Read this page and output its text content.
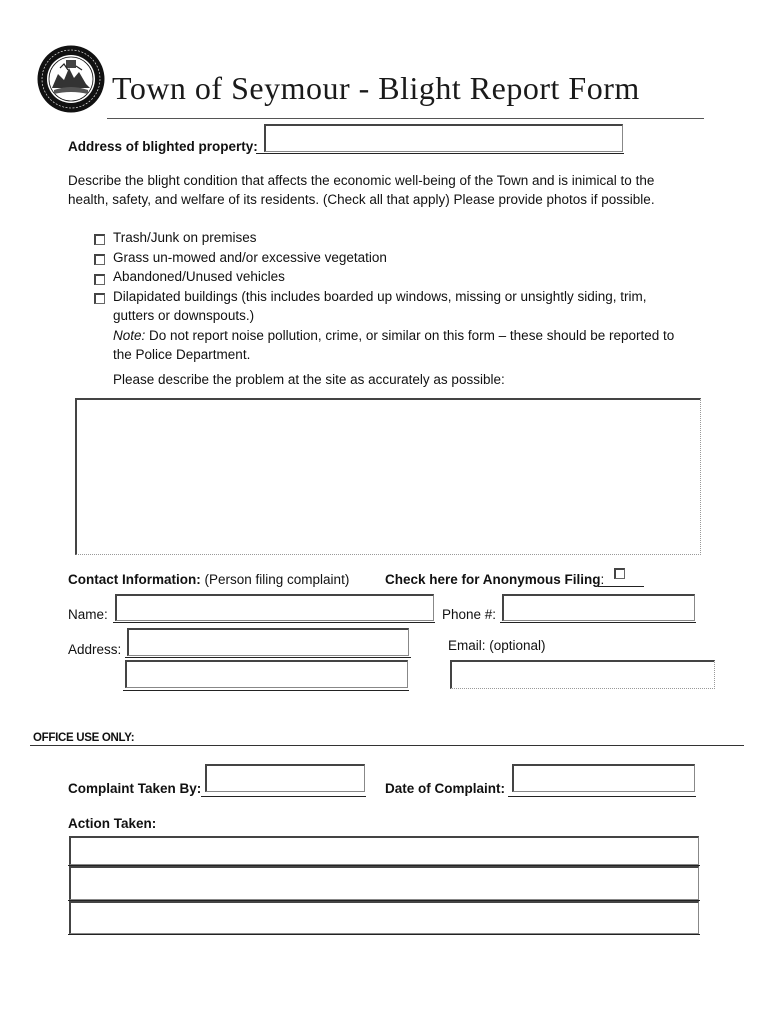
Town of Seymour - Blight Report Form
Address of blighted property:
Describe the blight condition that affects the economic well-being of the Town and is inimical to the
health, safety, and welfare of its residents. (Check all that apply) Please provide photos if possible.
Trash/Junk on premises
Grass un-mowed and/or excessive vegetation
Abandoned/Unused vehicles
Dilapidated buildings (this includes boarded up windows, missing or unsightly siding, trim,
gutters or downspouts.)
Note: Do not report noise pollution, crime, or similar on this form – these should be reported to
the Police Department.
Please describe the problem at the site as accurately as possible:
Contact Information: (Person filing complaint)	Check here for Anonymous Filing:
Name:	Phone #:
Address:	Email: (optional)
OFFICE USE ONLY:
Complaint Taken By:	Date of Complaint:
Action Taken:
